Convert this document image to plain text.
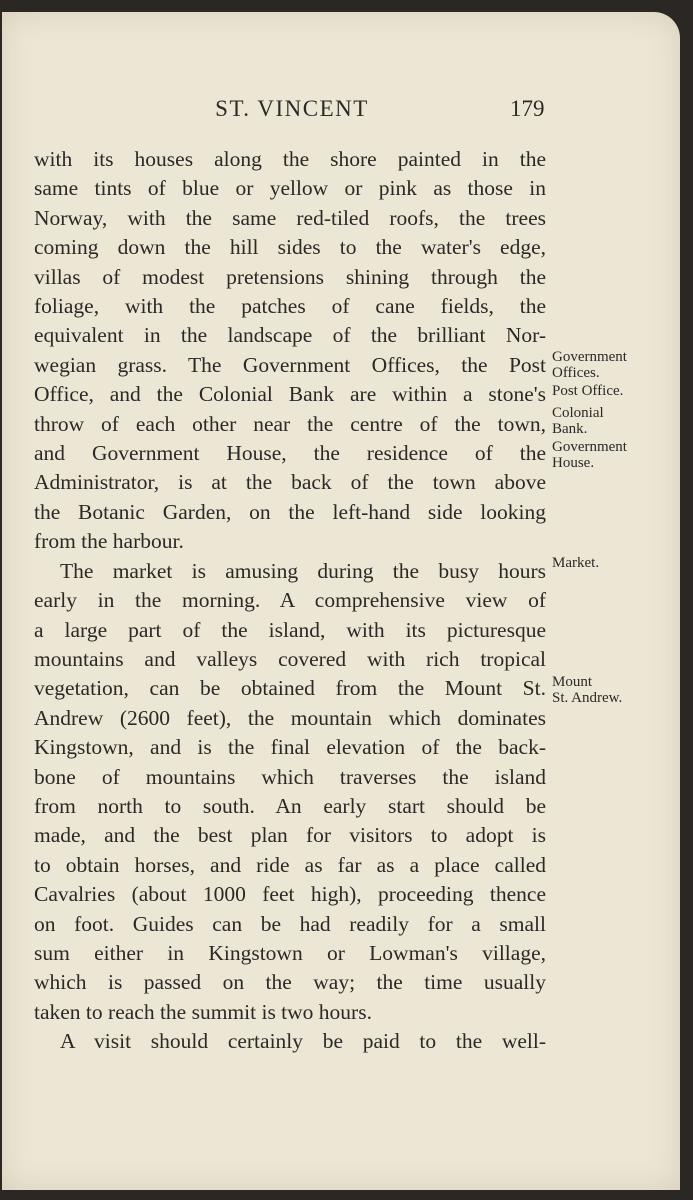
ST. VINCENT	179
with its houses along the shore painted in the
same tints of blue or yellow or pink as those in
Norway, with the same red-tiled roofs, the trees
coming down the hill sides to the water's edge,
villas of modest pretensions shining through the
foliage, with the patches of cane fields, the
equivalent in the landscape of the brilliant Nor-
wegian grass. The Government Offices, the Post
Office, and the Colonial Bank are within a stone's
throw of each other near the centre of the town,
and Government House, the residence of the
Administrator, is at the back of the town above
the Botanic Garden, on the left-hand side looking
from the harbour.
The market is amusing during the busy hours
early in the morning. A comprehensive view of
a large part of the island, with its picturesque
mountains and valleys covered with rich tropical
vegetation, can be obtained from the Mount St.
Andrew (2600 feet), the mountain which dominates
Kingstown, and is the final elevation of the back-
bone of mountains which traverses the island
from north to south. An early start should be
made, and the best plan for visitors to adopt is
to obtain horses, and ride as far as a place called
Cavalries (about 1000 feet high), proceeding thence
on foot. Guides can be had readily for a small
sum either in Kingstown or Lowman's village,
which is passed on the way; the time usually
taken to reach the summit is two hours.
A visit should certainly be paid to the well-
Government
Offices.
Post Office.
Colonial
Bank.
Government
House.
Market.
Mount
St. Andrew.
